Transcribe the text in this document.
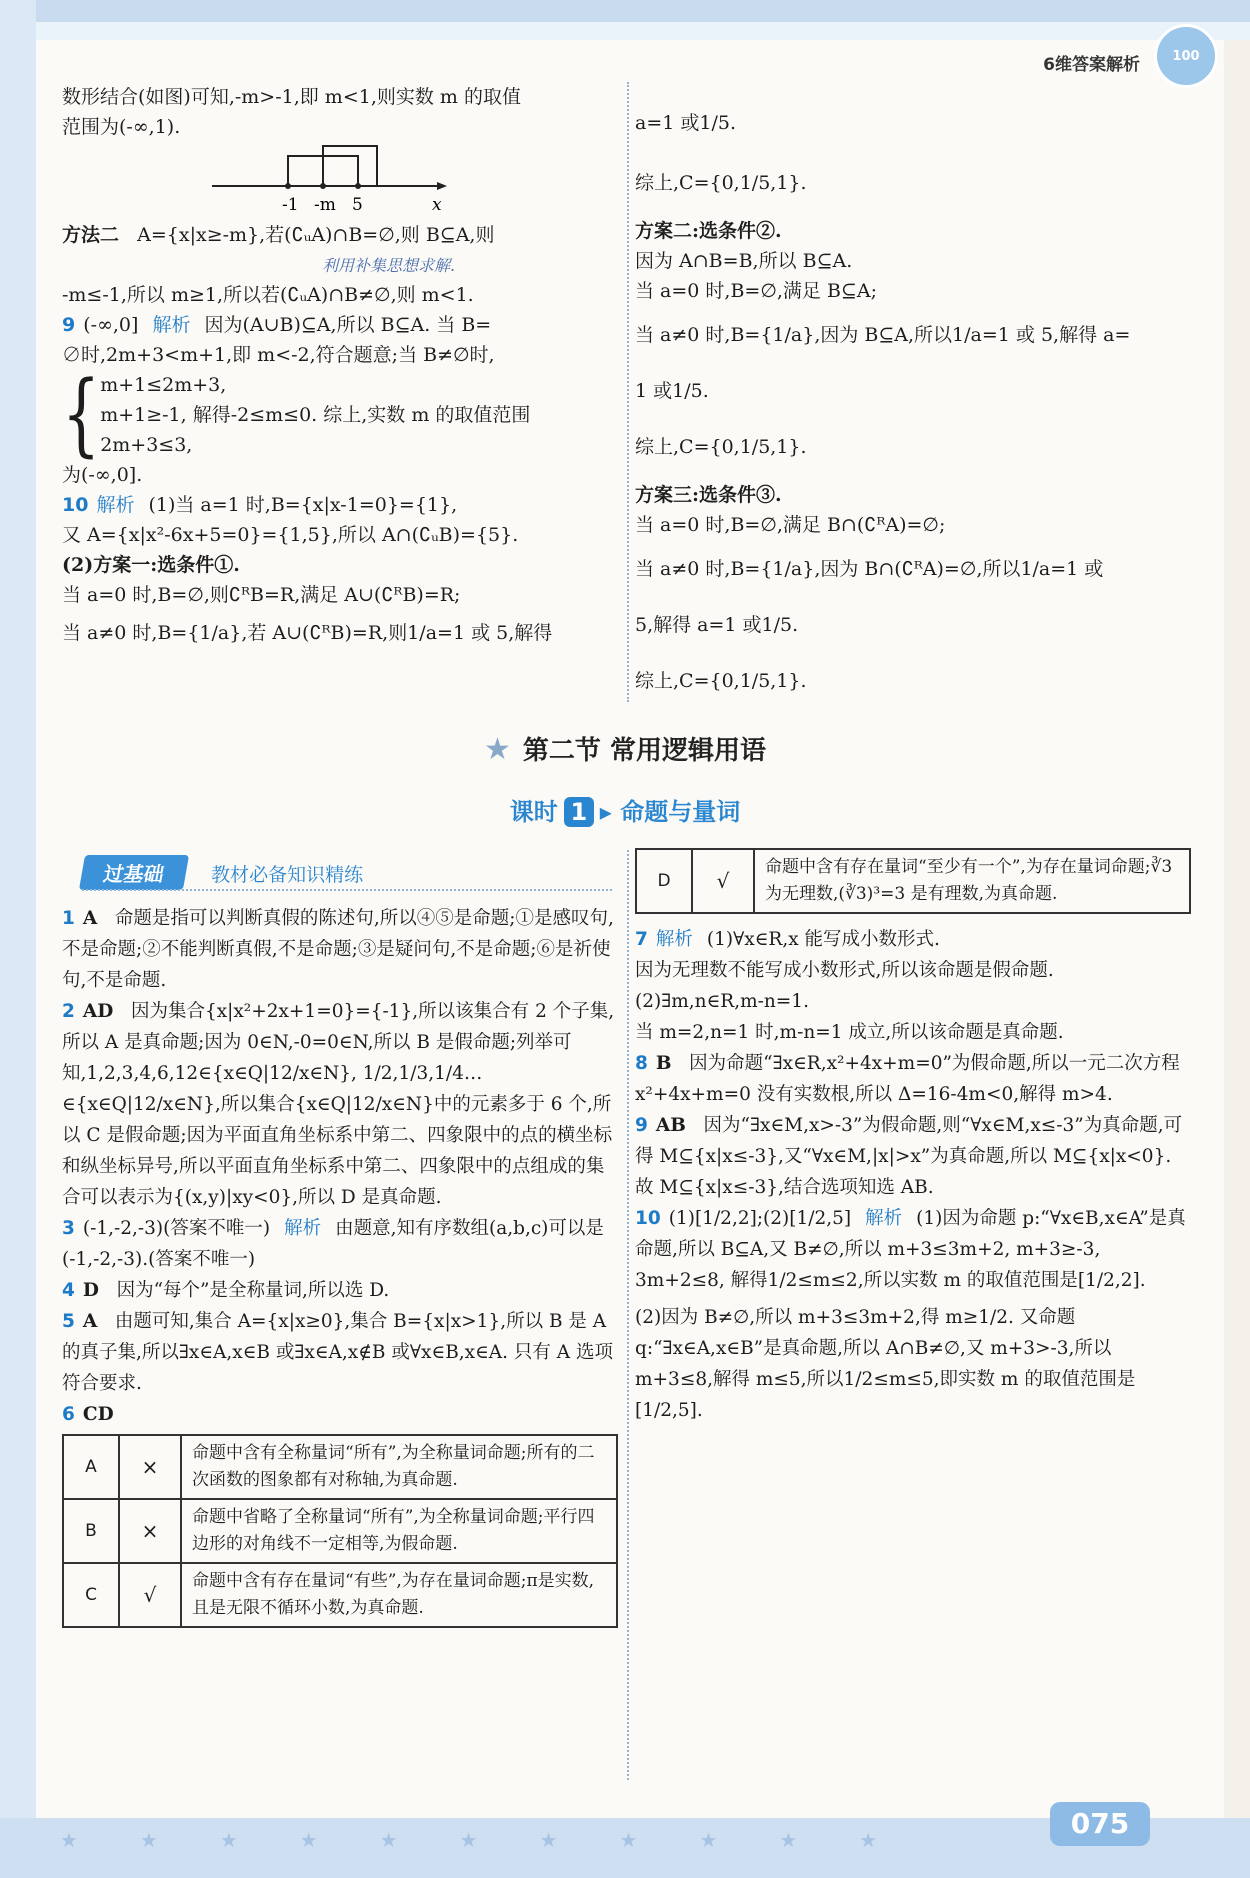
★★★★★★★★★★★
6维答案解析	100

数形结合(如图)可知,-m>-1,即 m<1,则实数 m 的取值

范围为(-∞,1).

-1 -m 5	x

方法二 A={x|x≥-m},若(∁ᵤA)∩B=∅,则 B⊆A,则

利用补集思想求解.

-m≤-1,所以 m≥1,所以若(∁ᵤA)∩B≠∅,则 m<1.

9 (-∞,0] 解析 因为(A∪B)⊆A,所以 B⊆A. 当 B=

∅时,2m+3<m+1,即 m<-2,符合题意;当 B≠∅时,

{ m+1≤2m+3,

m+1≥-1, 解得-2≤m≤0. 综上,实数 m 的取值范围

2m+3≤3,

为(-∞,0].

10 解析 (1)当 a=1 时,B={x|x-1=0}={1},

又 A={x|x²-6x+5=0}={1,5},所以 A∩(∁ᵤB)={5}.

(2)方案一:选条件①.

当 a=0 时,B=∅,则∁ᴿB=R,满足 A∪(∁ᴿB)=R;

当 a≠0 时,B={1/a},若 A∪(∁ᴿB)=R,则1/a=1 或 5,解得

a=1 或1/5.

综上,C={0,1/5,1}.

方案二:选条件②.

因为 A∩B=B,所以 B⊆A.

当 a=0 时,B=∅,满足 B⊆A;

当 a≠0 时,B={1/a},因为 B⊆A,所以1/a=1 或 5,解得 a=

1 或1/5.

综上,C={0,1/5,1}.

方案三:选条件③.

当 a=0 时,B=∅,满足 B∩(∁ᴿA)=∅;

当 a≠0 时,B={1/a},因为 B∩(∁ᴿA)=∅,所以1/a=1 或

5,解得 a=1 或1/5.

综上,C={0,1/5,1}.

★ 第二节 常用逻辑用语
课时 1 ▸ 命题与量词
过基础 教材必备知识精练

1 A 命题是指可以判断真假的陈述句,所以④⑤是命题;①是感叹句,不是命题;②不能判断真假,不是命题;③是疑问句,不是命题;⑥是祈使句,不是命题.

2 AD 因为集合{x|x²+2x+1=0}={-1},所以该集合有 2 个子集,所以 A 是真命题;因为 0∈N,-0=0∈N,所以 B 是假命题;列举可知,1,2,3,4,6,12∈{x∈Q|12/x∈N}, 1/2,1/3,1/4…∈{x∈Q|12/x∈N},所以集合{x∈Q|12/x∈N}中的元素多于 6 个,所以 C 是假命题;因为平面直角坐标系中第二、四象限中的点的横坐标和纵坐标异号,所以平面直角坐标系中第二、四象限中的点组成的集合可以表示为{(x,y)|xy<0},所以 D 是真命题.

3 (-1,-2,-3)(答案不唯一) 解析 由题意,知有序数组(a,b,c)可以是(-1,-2,-3).(答案不唯一)

4 D 因为“每个”是全称量词,所以选 D.

5 A 由题可知,集合 A={x|x≥0},集合 B={x|x>1},所以 B 是 A 的真子集,所以∃x∈A,x∈B 或∃x∈A,x∉B 或∀x∈B,x∈A. 只有 A 选项符合要求.

6 CD

A	×	命题中含有全称量词“所有”,为全称量词命题;所有的二次函数的图象都有对称轴,为真命题.
B	×	命题中省略了全称量词“所有”,为全称量词命题;平行四边形的对角线不一定相等,为假命题.
C	√	命题中含有存在量词“有些”,为存在量词命题;π是实数,且是无限不循环小数,为真命题.
D	√	命题中含有存在量词“至少有一个”,为存在量词命题;∛3为无理数,(∛3)³=3 是有理数,为真命题.

7 解析 (1)∀x∈R,x 能写成小数形式.

因为无理数不能写成小数形式,所以该命题是假命题.

(2)∃m,n∈R,m-n=1.

当 m=2,n=1 时,m-n=1 成立,所以该命题是真命题.

8 B 因为命题“∃x∈R,x²+4x+m=0”为假命题,所以一元二次方程 x²+4x+m=0 没有实数根,所以 Δ=16-4m<0,解得 m>4.

9 AB 因为“∃x∈M,x>-3”为假命题,则“∀x∈M,x≤-3”为真命题,可得 M⊆{x|x≤-3},又“∀x∈M,|x|>x”为真命题,所以 M⊆{x|x<0}. 故 M⊆{x|x≤-3},结合选项知选 AB.

10 (1)[1/2,2];(2)[1/2,5] 解析 (1)因为命题 p:“∀x∈B,x∈A”是真命题,所以 B⊆A,又 B≠∅,所以 m+3≤3m+2, m+3≥-3, 3m+2≤8, 解得1/2≤m≤2,所以实数 m 的取值范围是[1/2,2].

(2)因为 B≠∅,所以 m+3≤3m+2,得 m≥1/2. 又命题 q:“∃x∈A,x∈B”是真命题,所以 A∩B≠∅,又 m+3>-3,所以 m+3≤8,解得 m≤5,所以1/2≤m≤5,即实数 m 的取值范围是[1/2,5].

075
